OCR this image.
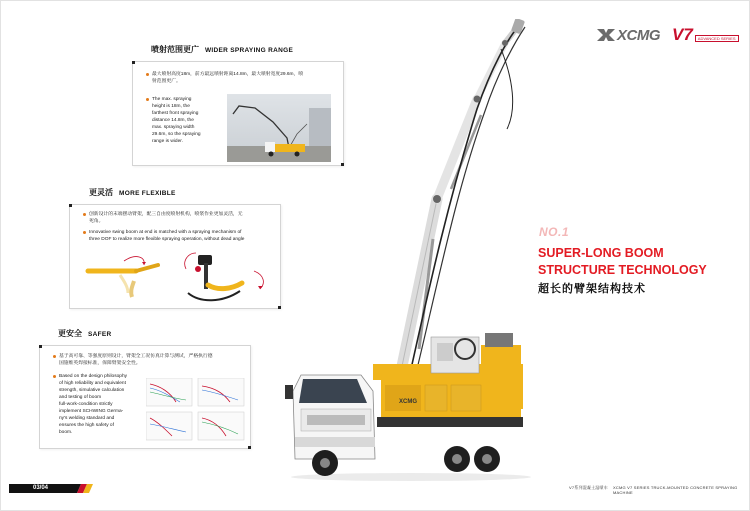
XCMG V7	ADVANCED SERIES
喷射范围更广 WIDER SPRAYING RANGE
最大喷射高度18m，前方最远喷射距离14.8m，最大喷射宽度29.6m，喷
射范围更广。
The max. spraying
height is 18m, the
farthest front spraying
distance 14.8m, the
max. spraying width
29.6m, so the spraying
range is wider.
更灵活 MORE FLEXIBLE
创新设计的末端摆动臂架，配三自由度喷射机构，喷浆作业更加灵活，无
死角。
Innovative swing boom at end is matched with a spraying mechanism of
three DOF to realize more flexible spraying operation, without dead angle
更安全 SAFER
基于高可靠、等强度原则设计，臂架全工况仿真计算与测试，严格执行德
国施维英焊接标准，保障臂架安全性。
Based on the design philosophy
of high reliability and equivalent
strength, simulative calculation
and testing of boom
full-work-condition strictly
implement SCHWING Germa-
ny's welding standard and
ensures the high safety of
boom.
NO.1
SUPER-LONG BOOM
STRUCTURE TECHNOLOGY
超长的臂架结构技术
XCMG
03/04	V7系列混凝土湿喷车 XCMG V7 SERIES TRUCK-MOUNTED CONCRETE SPRAYING MACHINE
